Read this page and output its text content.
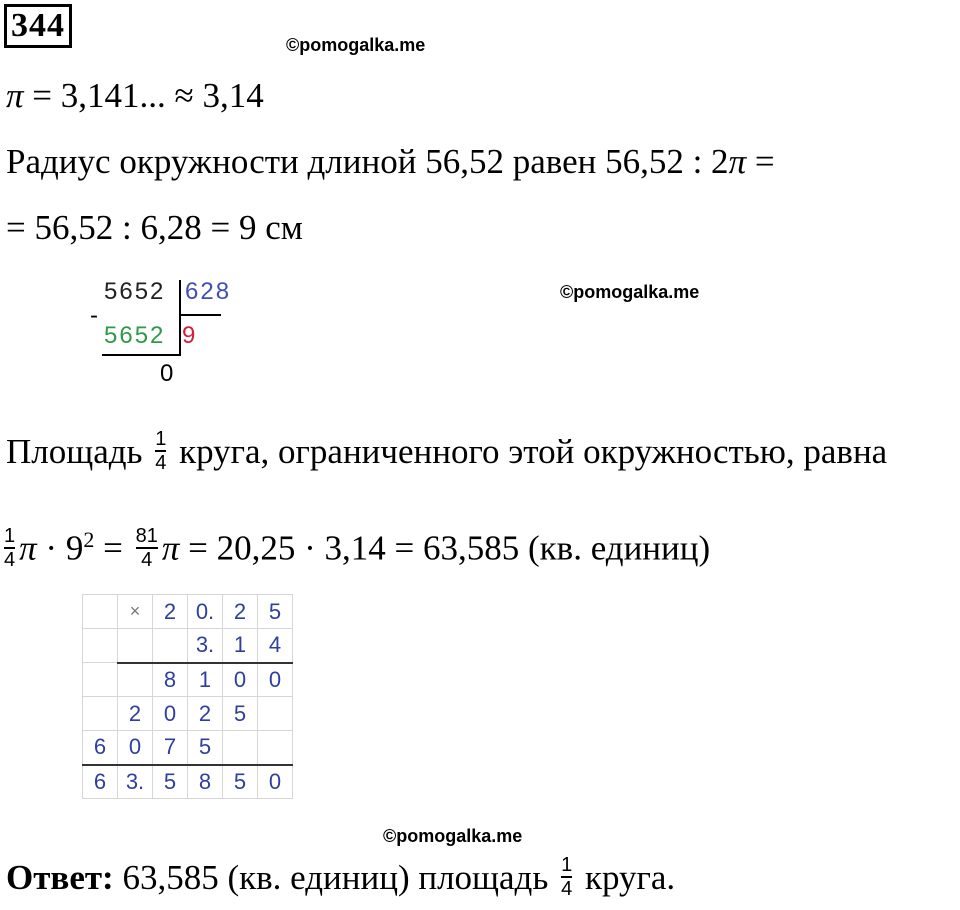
344
©pomogalka.me
π = 3,141... ≈ 3,14
Радиус окружности длиной 56,52 равен 56,52 : 2π =
= 56,52 : 6,28 = 9 см
5652 628
-
5652 9
0
©pomogalka.me
Площадь $\frac{1}{4}$ круга, ограниченного этой окружностью, равна
$\frac{1}{4}$ $\pi \cdot 9^2 = \frac{81}{4}$ π = 20,25 · 3,14 = 63,585 (кв. единиц)
	×	2	0.	2	5
			3.	1	4
		8	1	0	0
	2	0	2	5	
6	0	7	5		
6	3.	5	8	5	0
©pomogalka.me
Ответ: 63,585 (кв. единиц) площадь $\frac{1}{4}$ круга.
